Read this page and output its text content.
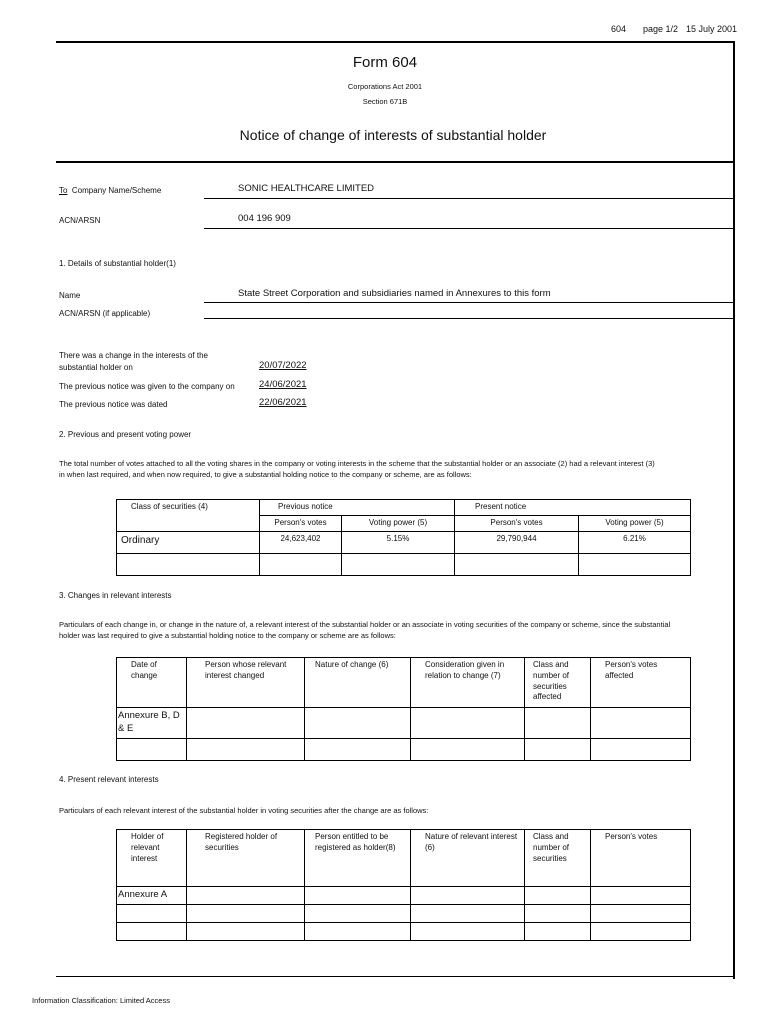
604 page 1/2 15 July 2001
Form 604
Corporations Act 2001
Section 671B
Notice of change of interests of substantial holder
To Company Name/Scheme	SONIC HEALTHCARE LIMITED
ACN/ARSN	004 196 909
1. Details of substantial holder(1)
Name	State Street Corporation and subsidiaries named in Annexures to this form
ACN/ARSN (if applicable)
There was a change in the interests of the
substantial holder on	20/07/2022
The previous notice was given to the company on	24/06/2021
The previous notice was dated	22/06/2021
2. Previous and present voting power
The total number of votes attached to all the voting shares in the company or voting interests in the scheme that the substantial holder or an associate (2) had a relevant interest (3)
in when last required, and when now required, to give a substantial holding notice to the company or scheme, are as follows:
Class of securities (4)	Previous notice		Present notice	
	Person's votes	Voting power (5)	Person's votes	Voting power (5)
Ordinary	24,623,402	5.15%	29,790,944	6.21%

3. Changes in relevant interests
Particulars of each change in, or change in the nature of, a relevant interest of the substantial holder or an associate in voting securities of the company or scheme, since the substantial
holder was last required to give a substantial holding notice to the company or scheme are as follows:
Date of change	Person whose relevant interest changed	Nature of change (6)	Consideration given in relation to change (7)	Class and number of securities affected	Person's votes affected
Annexure B, D & E					

4. Present relevant interests
Particulars of each relevant interest of the substantial holder in voting securities after the change are as follows:
Holder of relevant interest	Registered holder of securities	Person entitled to be registered as holder(8)	Nature of relevant interest (6)	Class and number of securities	Person's votes
Annexure A					

Information Classification: Limited Access
